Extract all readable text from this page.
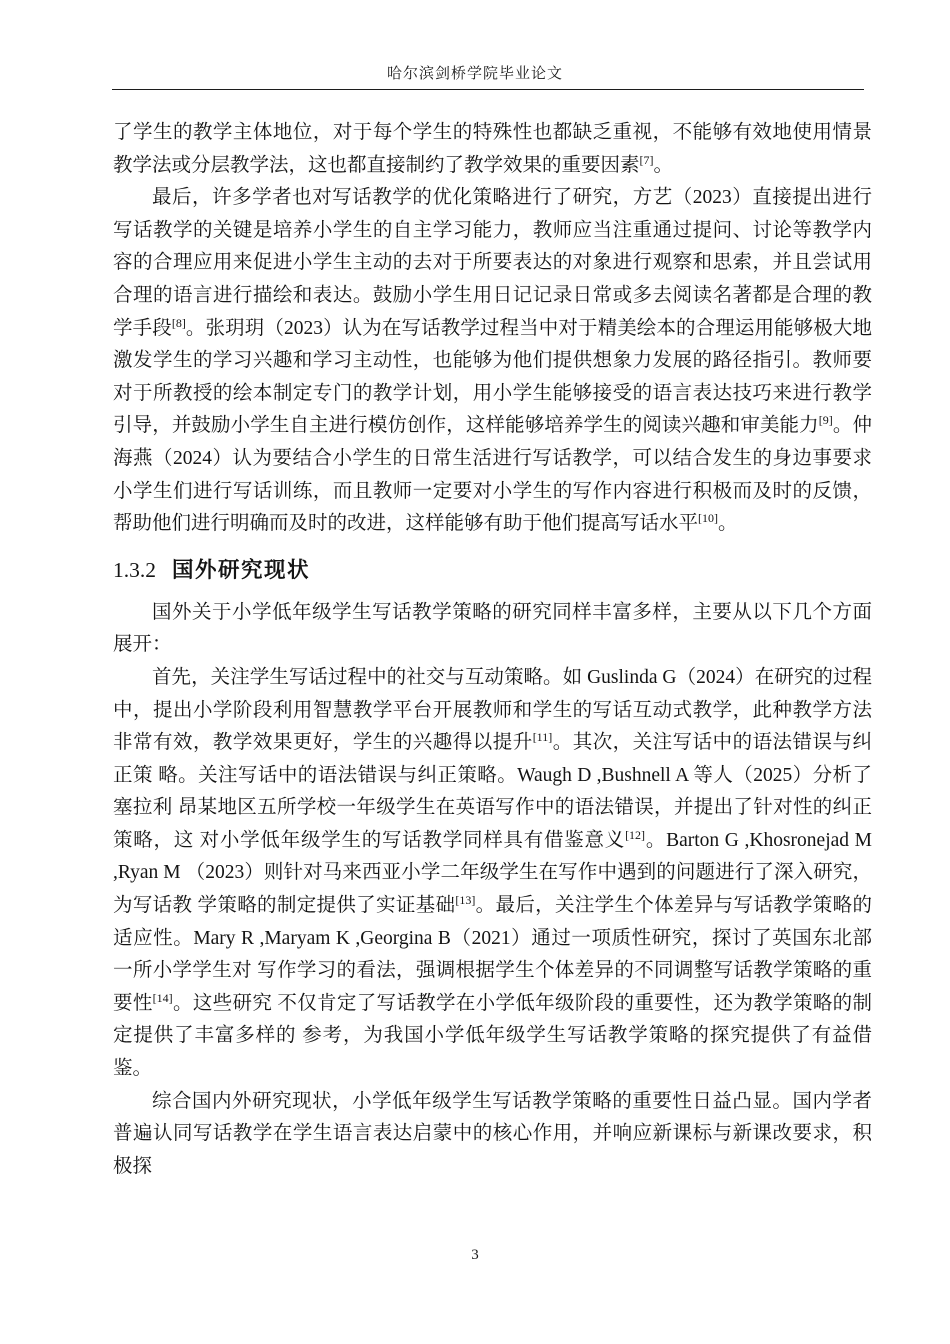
哈尔滨剑桥学院毕业论文

了学生的教学主体地位，对于每个学生的特殊性也都缺乏重视，不能够有效地使用情景教学法或分层教学法，这也都直接制约了教学效果的重要因素[7]。

最后，许多学者也对写话教学的优化策略进行了研究，方艺（2023）直接提出进行写话教学的关键是培养小学生的自主学习能力，教师应当注重通过提问、讨论等教学内容的合理应用来促进小学生主动的去对于所要表达的对象进行观察和思索，并且尝试用合理的语言进行描绘和表达。鼓励小学生用日记记录日常或多去阅读名著都是合理的教学手段[8]。张玥玥（2023）认为在写话教学过程当中对于精美绘本的合理运用能够极大地激发学生的学习兴趣和学习主动性，也能够为他们提供想象力发展的路径指引。教师要对于所教授的绘本制定专门的教学计划，用小学生能够接受的语言表达技巧来进行教学引导，并鼓励小学生自主进行模仿创作，这样能够培养学生的阅读兴趣和审美能力[9]。仲海燕（2024）认为要结合小学生的日常生活进行写话教学，可以结合发生的身边事要求小学生们进行写话训练，而且教师一定要对小学生的写作内容进行积极而及时的反馈，帮助他们进行明确而及时的改进，这样能够有助于他们提高写话水平[10]。

1.3.2 国外研究现状

国外关于小学低年级学生写话教学策略的研究同样丰富多样，主要从以下几个方面展开：

首先，关注学生写话过程中的社交与互动策略。如 Guslinda G（2024）在研究的过程中，提出小学阶段利用智慧教学平台开展教师和学生的写话互动式教学，此种教学方法非常有效，教学效果更好，学生的兴趣得以提升[11]。其次，关注写话中的语法错误与纠正策 略。关注写话中的语法错误与纠正策略。Waugh D ,Bushnell A 等人（2025）分析了塞拉利 昂某地区五所学校一年级学生在英语写作中的语法错误，并提出了针对性的纠正策略，这 对小学低年级学生的写话教学同样具有借鉴意义[12]。Barton G ,Khosronejad M ,Ryan M （2023）则针对马来西亚小学二年级学生在写作中遇到的问题进行了深入研究，为写话教 学策略的制定提供了实证基础[13]。最后，关注学生个体差异与写话教学策略的适应性。Mary R ,Maryam K ,Georgina B（2021）通过一项质性研究，探讨了英国东北部一所小学学生对 写作学习的看法，强调根据学生个体差异的不同调整写话教学策略的重要性[14]。这些研究 不仅肯定了写话教学在小学低年级阶段的重要性，还为教学策略的制定提供了丰富多样的 参考，为我国小学低年级学生写话教学策略的探究提供了有益借鉴。

综合国内外研究现状，小学低年级学生写话教学策略的重要性日益凸显。国内学者普遍认同写话教学在学生语言表达启蒙中的核心作用，并响应新课标与新课改要求，积极探

3
